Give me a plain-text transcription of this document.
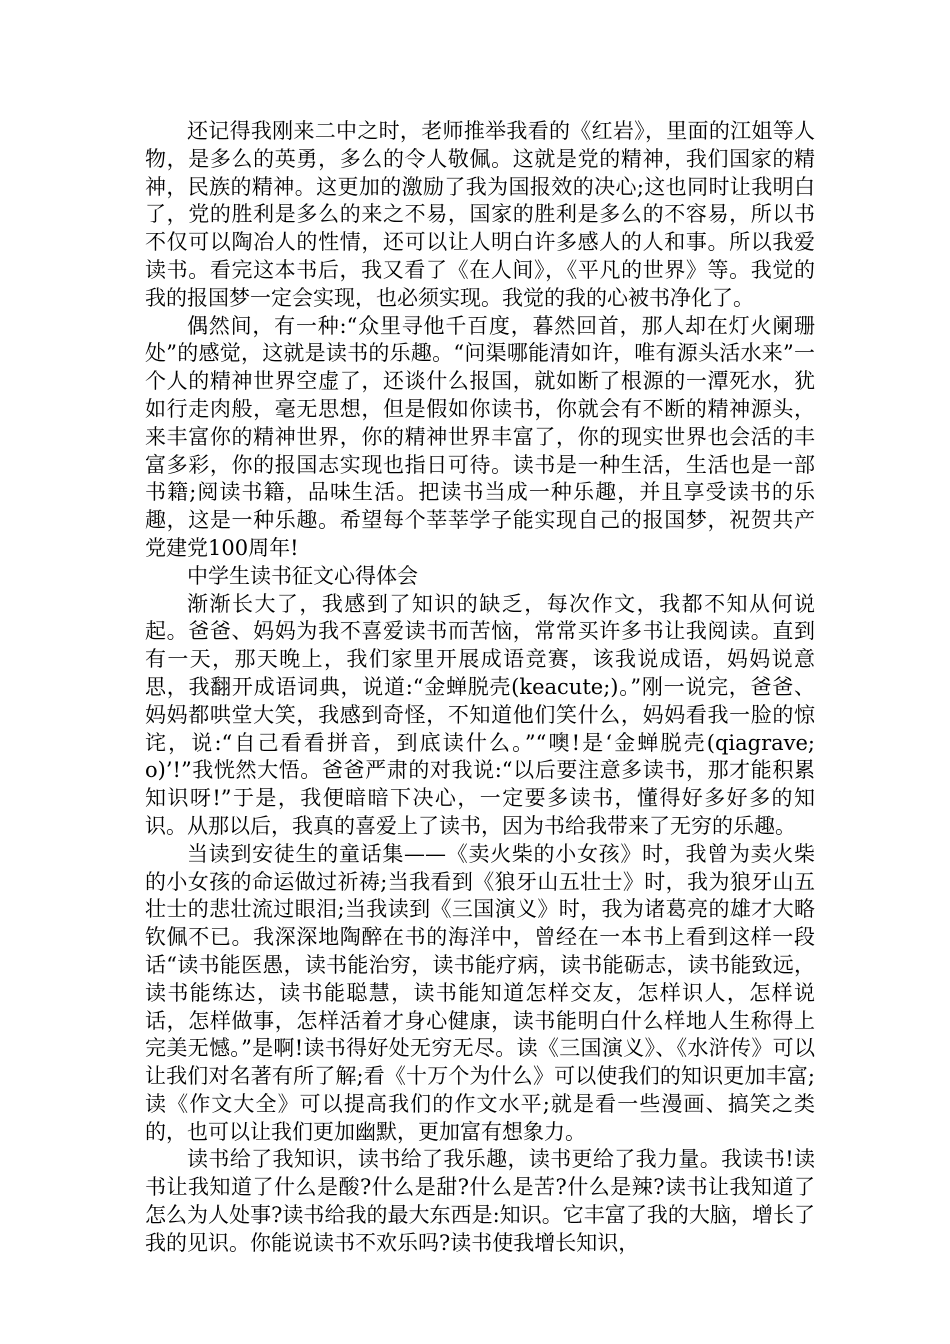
还记得我刚来二中之时，老师推举我看的《红岩》，里面的江姐等人物，是多么的英勇，多么的令人敬佩。这就是党的精神，我们国家的精神，民族的精神。这更加的激励了我为国报效的决心;这也同时让我明白了，党的胜利是多么的来之不易，国家的胜利是多么的不容易，所以书不仅可以陶冶人的性情，还可以让人明白许多感人的人和事。所以我爱读书。看完这本书后，我又看了《在人间》，《平凡的世界》等。我觉的我的报国梦一定会实现，也必须实现。我觉的我的心被书净化了。

偶然间，有一种:“众里寻他千百度，暮然回首，那人却在灯火阑珊处”的感觉，这就是读书的乐趣。“问渠哪能清如许，唯有源头活水来”一个人的精神世界空虚了，还谈什么报国，就如断了根源的一潭死水，犹如行走肉般，毫无思想，但是假如你读书，你就会有不断的精神源头，来丰富你的精神世界，你的精神世界丰富了，你的现实世界也会活的丰富多彩，你的报国志实现也指日可待。读书是一种生活，生活也是一部书籍;阅读书籍，品味生活。把读书当成一种乐趣，并且享受读书的乐趣，这是一种乐趣。希望每个莘莘学子能实现自己的报国梦，祝贺共产党建党100周年!

中学生读书征文心得体会

渐渐长大了，我感到了知识的缺乏，每次作文，我都不知从何说起。爸爸、妈妈为我不喜爱读书而苦恼，常常买许多书让我阅读。直到有一天，那天晚上，我们家里开展成语竞赛，该我说成语，妈妈说意思，我翻开成语词典，说道:“金蝉脱壳(keacute;)。”刚一说完，爸爸、妈妈都哄堂大笑，我感到奇怪，不知道他们笑什么，妈妈看我一脸的惊诧，说:“自己看看拼音，到底读什么。”“噢!是‘金蝉脱壳(qiagrave;o)’!”我恍然大悟。爸爸严肃的对我说:“以后要注意多读书，那才能积累知识呀!”于是，我便暗暗下决心，一定要多读书，懂得好多好多的知识。从那以后，我真的喜爱上了读书，因为书给我带来了无穷的乐趣。

当读到安徒生的童话集——《卖火柴的小女孩》时，我曾为卖火柴的小女孩的命运做过祈祷;当我看到《狼牙山五壮士》时，我为狼牙山五壮士的悲壮流过眼泪;当我读到《三国演义》时，我为诸葛亮的雄才大略钦佩不已。我深深地陶醉在书的海洋中，曾经在一本书上看到这样一段话“读书能医愚，读书能治穷，读书能疗病，读书能砺志，读书能致远，读书能练达，读书能聪慧，读书能知道怎样交友，怎样识人，怎样说话，怎样做事，怎样活着才身心健康，读书能明白什么样地人生称得上完美无憾。”是啊!读书得好处无穷无尽。读《三国演义》、《水浒传》可以让我们对名著有所了解;看《十万个为什么》可以使我们的知识更加丰富;读《作文大全》可以提高我们的作文水平;就是看一些漫画、搞笑之类的，也可以让我们更加幽默，更加富有想象力。

读书给了我知识，读书给了我乐趣，读书更给了我力量。我读书!读书让我知道了什么是酸?什么是甜?什么是苦?什么是辣?读书让我知道了怎么为人处事?读书给我的最大东西是:知识。它丰富了我的大脑，增长了我的见识。你能说读书不欢乐吗?读书使我增长知识，
